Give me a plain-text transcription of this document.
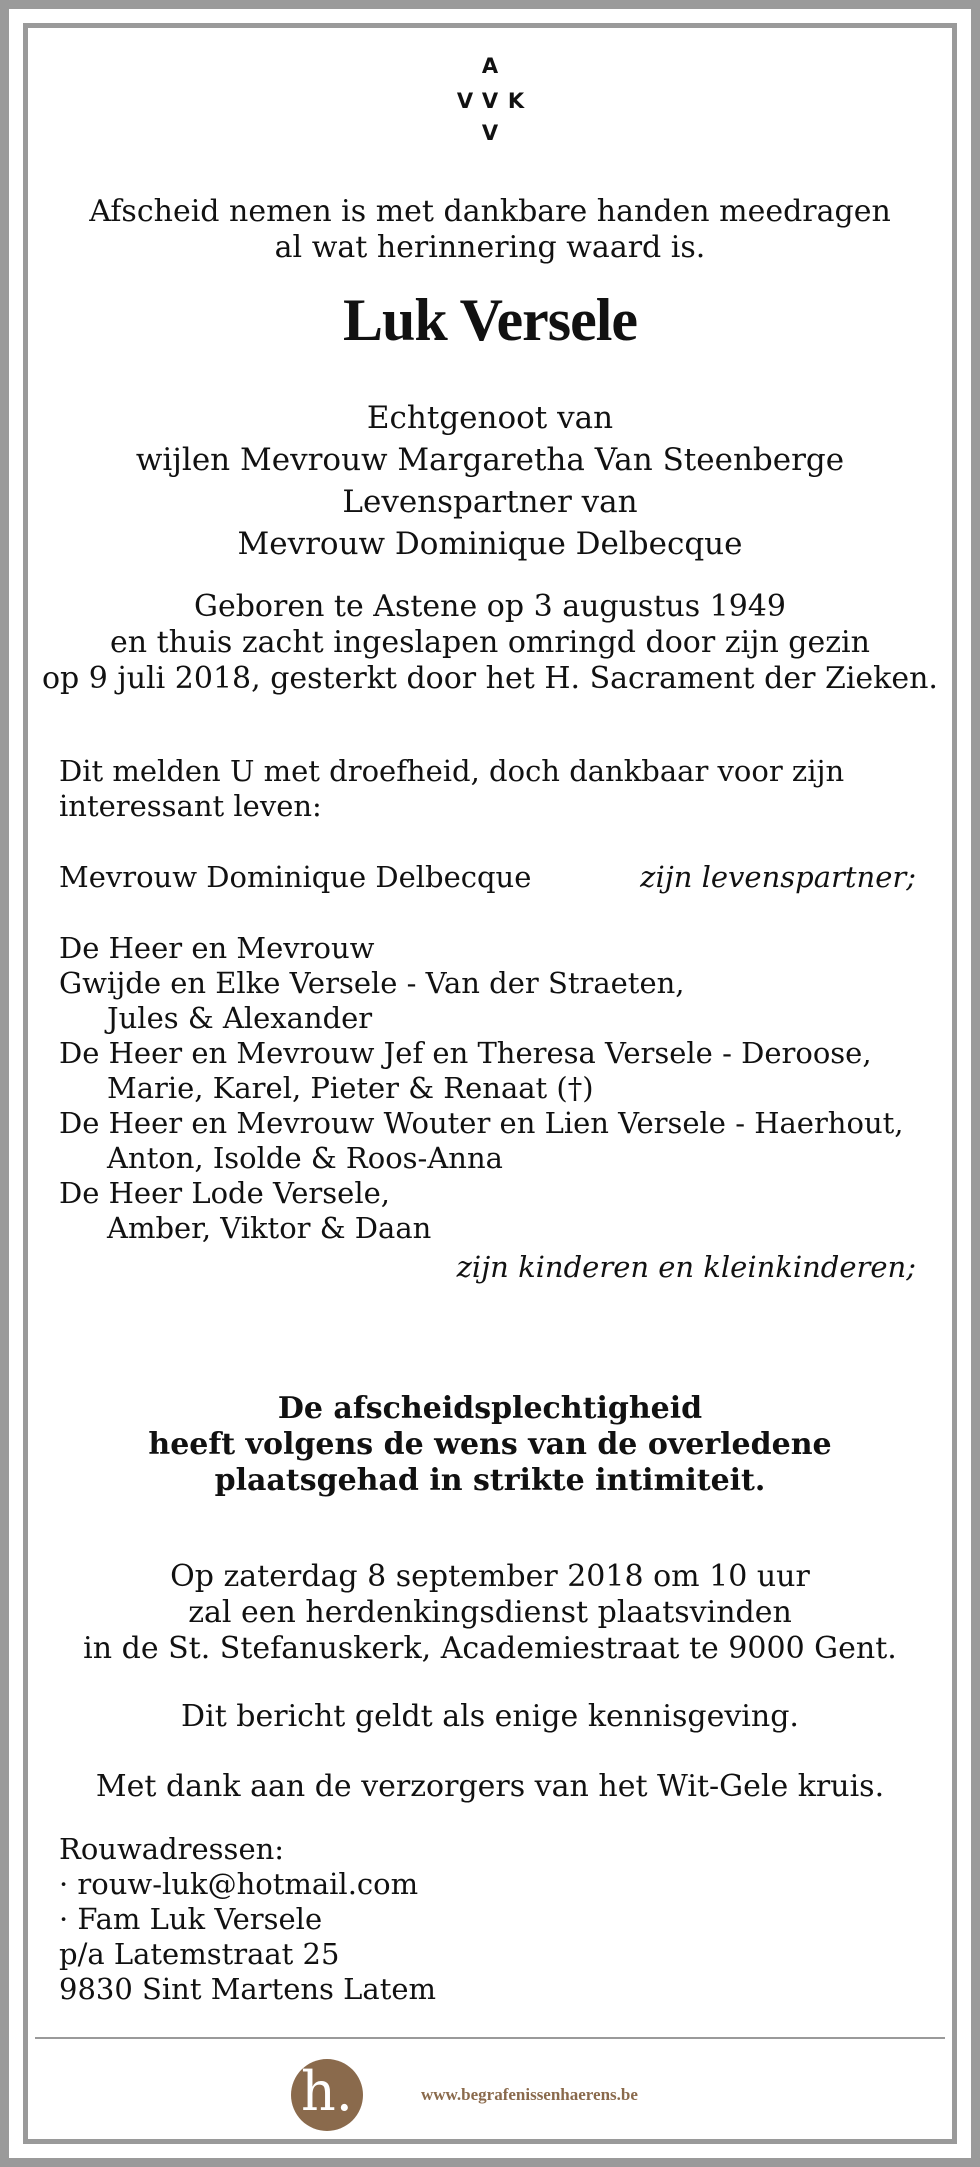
A
V V K
V
Afscheid nemen is met dankbare handen meedragen
al wat herinnering waard is.
Luk Versele
Echtgenoot van
wijlen Mevrouw Margaretha Van Steenberge
Levenspartner van
Mevrouw Dominique Delbecque
Geboren te Astene op 3 augustus 1949
en thuis zacht ingeslapen omringd door zijn gezin
op 9 juli 2018, gesterkt door het H. Sacrament der Zieken.
Dit melden U met droefheid, doch dankbaar voor zijn
interessant leven:
Mevrouw Dominique Delbecque	zijn levenspartner;
De Heer en Mevrouw
Gwijde en Elke Versele - Van der Straeten,
Jules & Alexander
De Heer en Mevrouw Jef en Theresa Versele - Deroose,
Marie, Karel, Pieter & Renaat (†)
De Heer en Mevrouw Wouter en Lien Versele - Haerhout,
Anton, Isolde & Roos-Anna
De Heer Lode Versele,
Amber, Viktor & Daan
zijn kinderen en kleinkinderen;
De afscheidsplechtigheid
heeft volgens de wens van de overledene
plaatsgehad in strikte intimiteit.
Op zaterdag 8 september 2018 om 10 uur
zal een herdenkingsdienst plaatsvinden
in de St. Stefanuskerk, Academiestraat te 9000 Gent.
Dit bericht geldt als enige kennisgeving.
Met dank aan de verzorgers van het Wit-Gele kruis.
Rouwadressen:
· rouw-luk@hotmail.com
· Fam Luk Versele
p/a Latemstraat 25
9830 Sint Martens Latem
h.	www.begrafenissenhaerens.be
